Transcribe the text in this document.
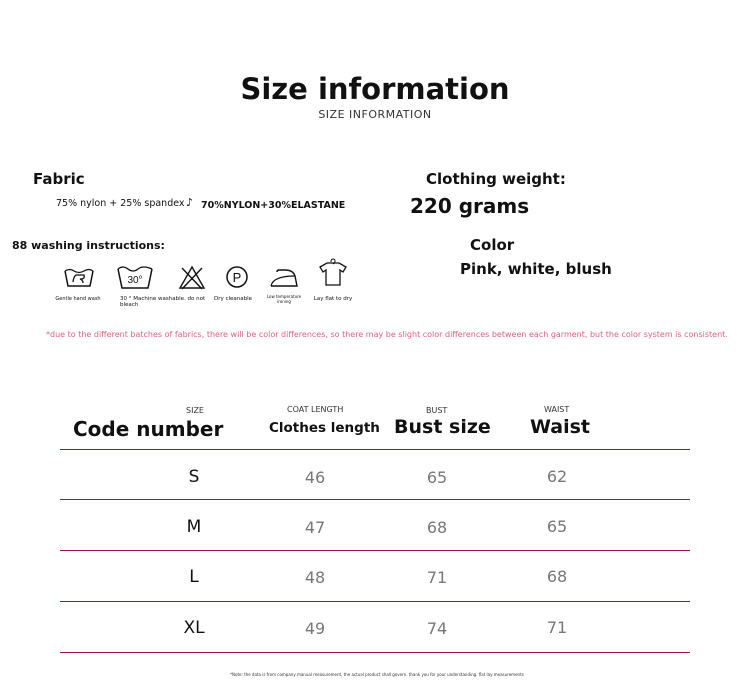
Size information
SIZE INFORMATION
Fabric
75% nylon + 25% spandex ♪ 70%NYLON+30%ELASTANE
Clothing weight:
220 grams
88 washing instructions:
30°	P
Gentle hand wash	30 ° Machine washable. do not bleach
Dry cleanable	Low temperature ironing	Lay flat to dry
Color
Pink, white, blush
*due to the different batches of fabrics, there will be color differences, so there may be slight color differences between each garment, but the color system is consistent.
SIZE
Code number
COAT LENGTH
Clothes length
BUST
Bust size
WAIST
Waist
S	46	65	62
M	47	68	65
L	48	71	68
XL	49	74	71
*Note: the data is from company manual measurement, the actual product shall govern. thank you for your understanding. flat lay measurements
